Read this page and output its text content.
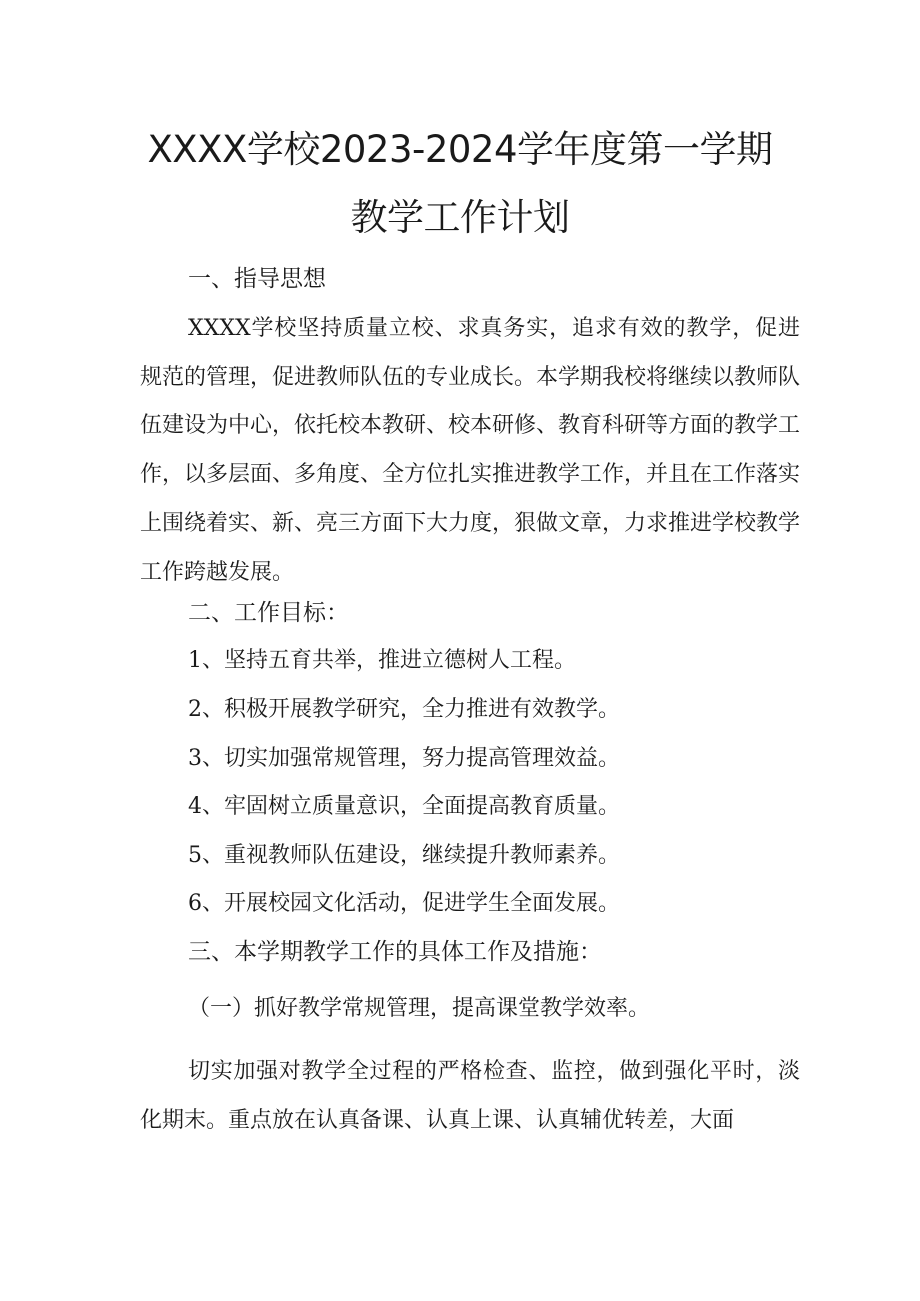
XXXX学校2023-2024学年度第一学期
教学工作计划
一、指导思想

XXXX学校坚持质量立校、求真务实，追求有效的教学，促进规范的管理，促进教师队伍的专业成长。本学期我校将继续以教师队伍建设为中心，依托校本教研、校本研修、教育科研等方面的教学工作，以多层面、多角度、全方位扎实推进教学工作，并且在工作落实上围绕着实、新、亮三方面下大力度，狠做文章，力求推进学校教学工作跨越发展。

二、工作目标：
1、坚持五育共举，推进立德树人工程。
2、积极开展教学研究，全力推进有效教学。
3、切实加强常规管理，努力提高管理效益。
4、牢固树立质量意识，全面提高教育质量。
5、重视教师队伍建设，继续提升教师素养。
6、开展校园文化活动，促进学生全面发展。
三、本学期教学工作的具体工作及措施：
（一）抓好教学常规管理，提高课堂教学效率。

切实加强对教学全过程的严格检查、监控，做到强化平时，淡化期末。重点放在认真备课、认真上课、认真辅优转差，大面
